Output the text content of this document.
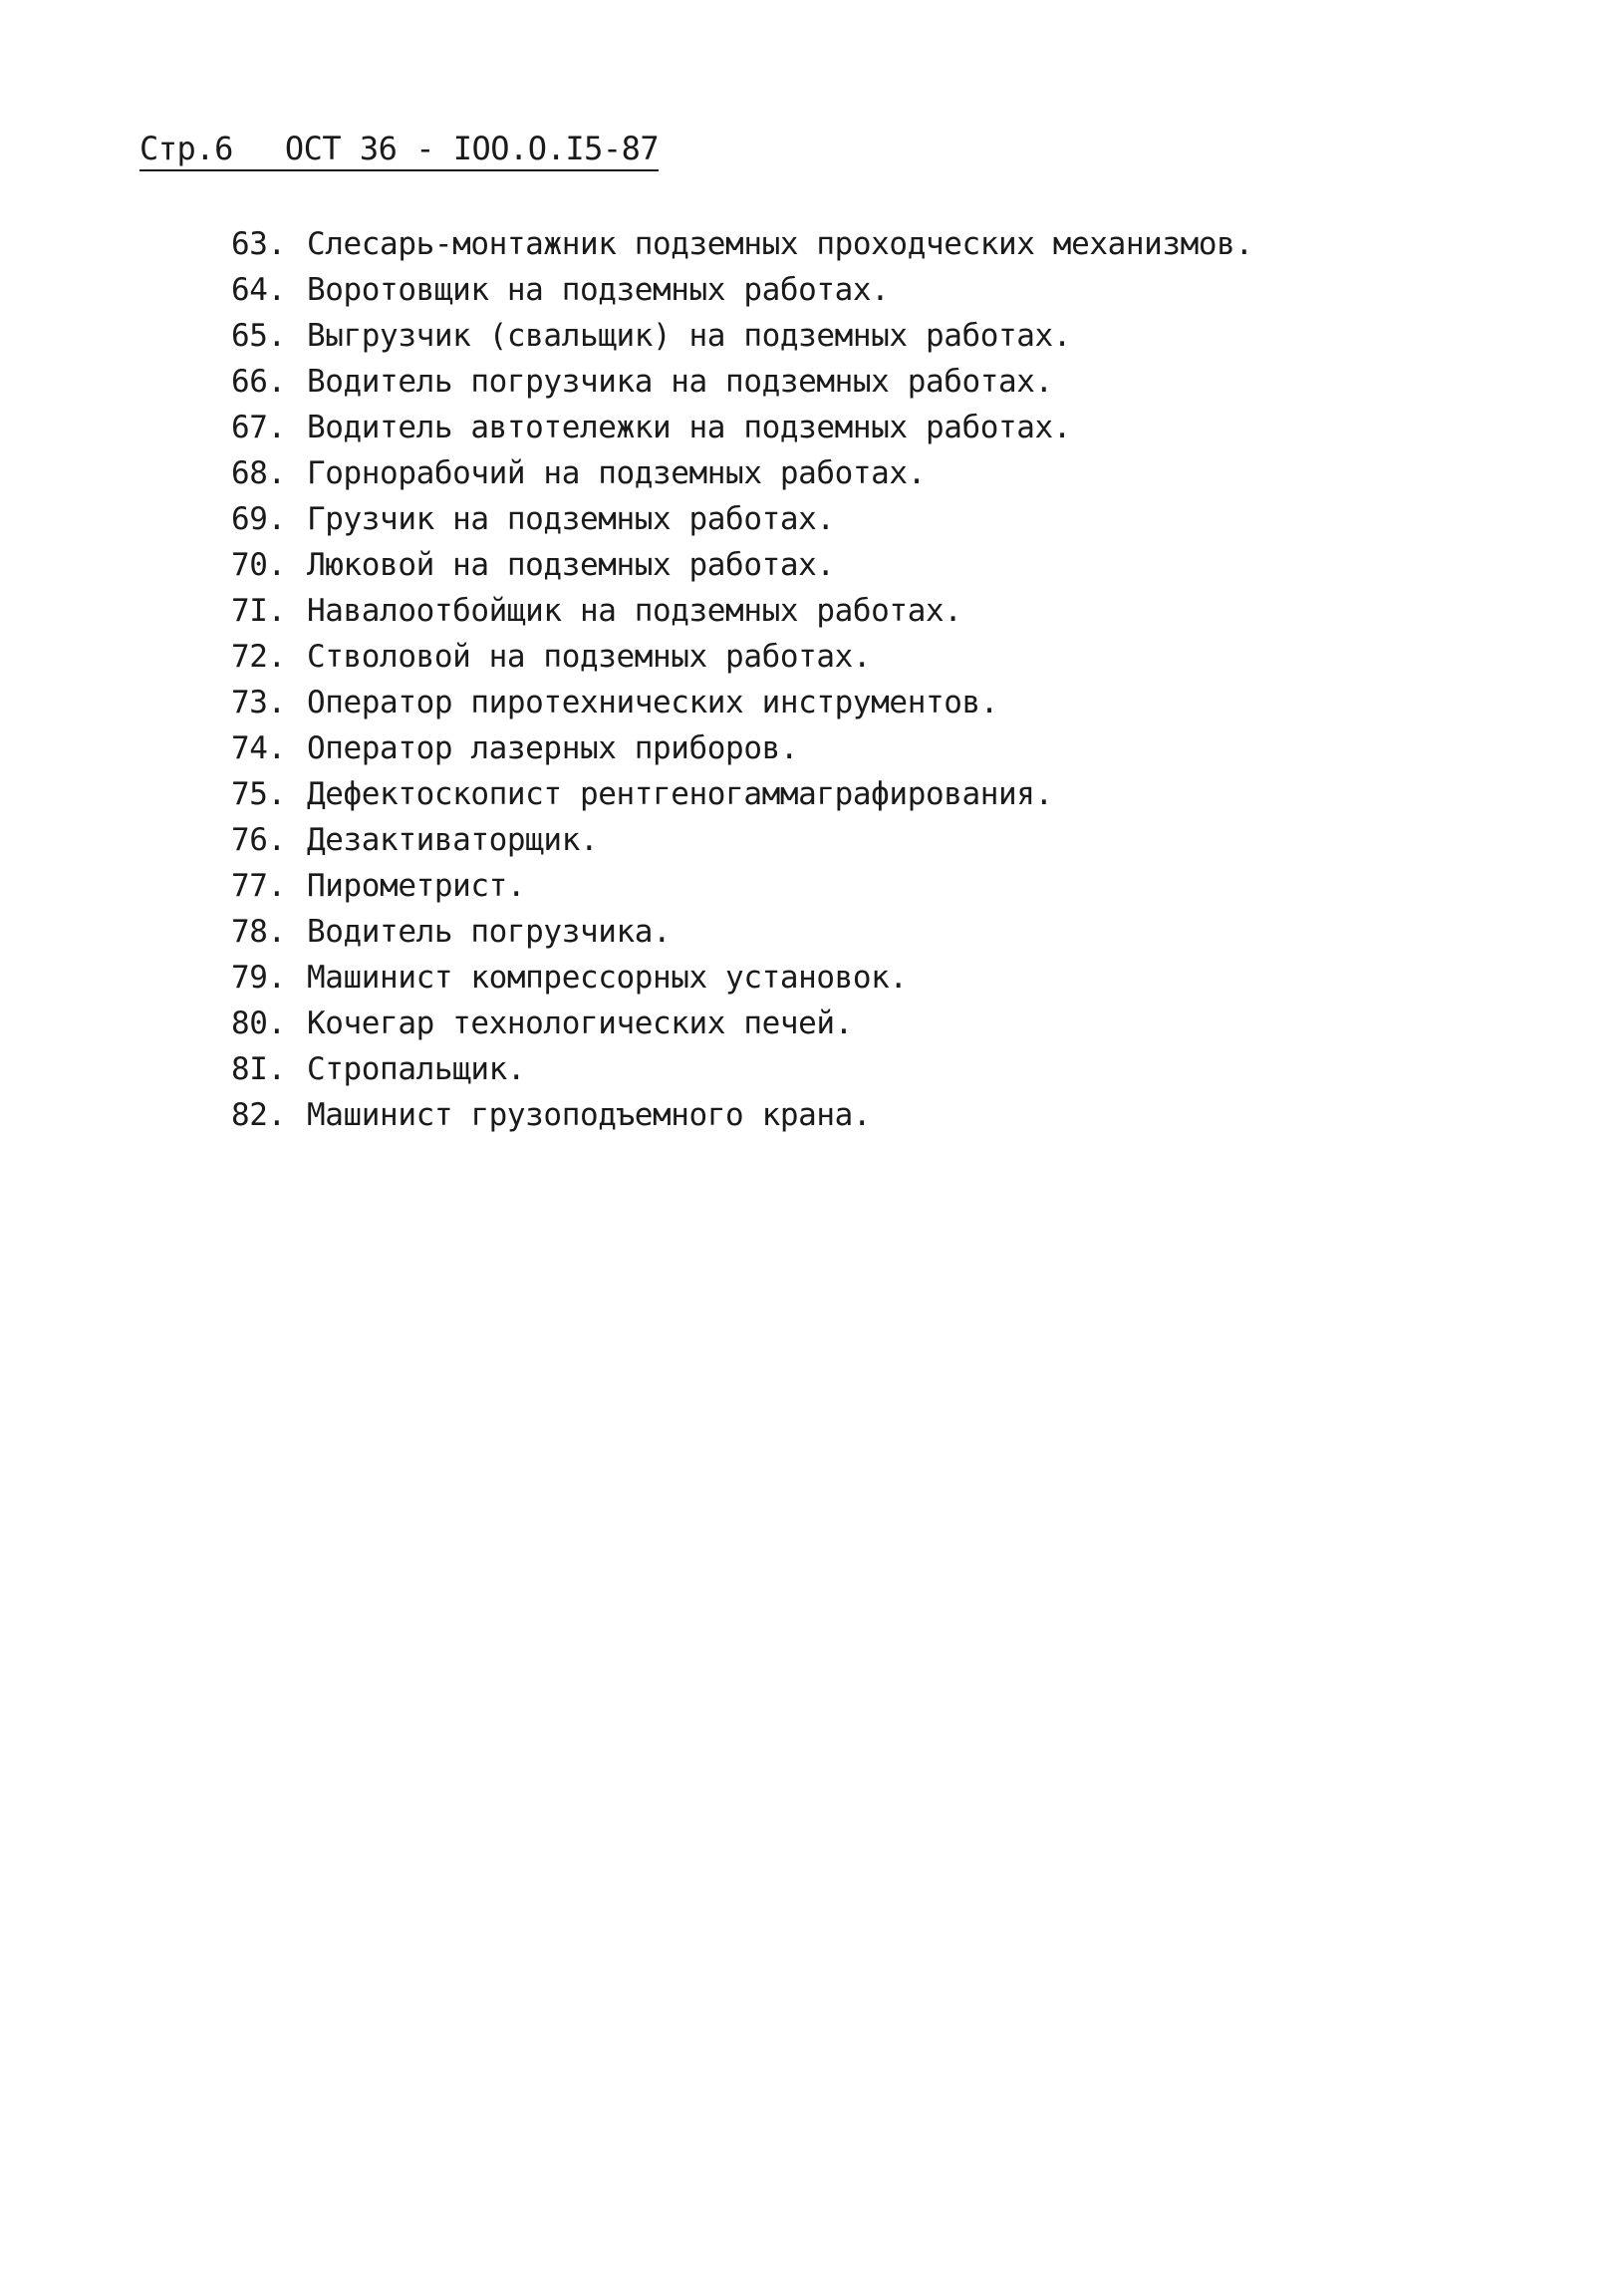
Стр.6 ОСТ 36 - IOO.O.I5-87
63. Слесарь-монтажник подземных проходческих механизмов.
64. Воротовщик на подземных работах.
65. Выгрузчик (свальщик) на подземных работах.
66. Водитель погрузчика на подземных работах.
67. Водитель автотележки на подземных работах.
68. Горнорабочий на подземных работах.
69. Грузчик на подземных работах.
70. Люковой на подземных работах.
7I. Навалоотбойщик на подземных работах.
72. Стволовой на подземных работах.
73. Оператор пиротехнических инструментов.
74. Оператор лазерных приборов.
75. Дефектоскопист рентгеногаммаграфирования.
76. Дезактиваторщик.
77. Пирометрист.
78. Водитель погрузчика.
79. Машинист компрессорных установок.
80. Кочегар технологических печей.
8I. Стропальщик.
82. Машинист грузоподъемного крана.
